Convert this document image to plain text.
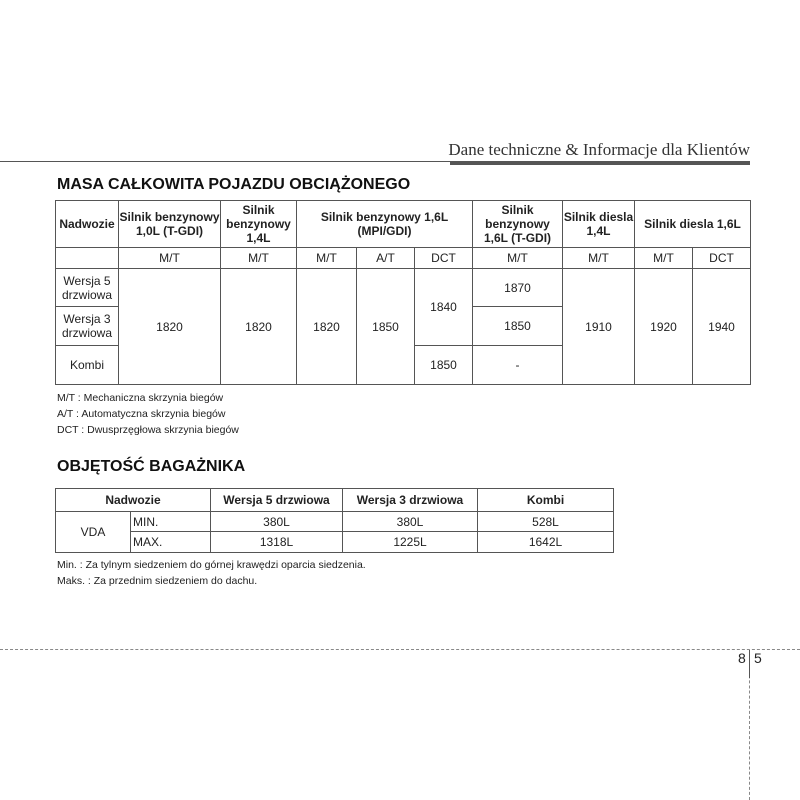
Dane techniczne & Informacje dla Klientów
MASA CAŁKOWITA POJAZDU OBCIĄŻONEGO
Nadwozie	Silnik benzynowy 1,0L (T-GDI)	Silnik benzynowy 1,4L	Silnik benzynowy 1,6L (MPI/GDI)			Silnik benzynowy 1,6L (T-GDI)	Silnik diesla 1,4L	Silnik diesla 1,6L	
	M/T	M/T	M/T	A/T	DCT	M/T	M/T	M/T	DCT
Wersja 5 drzwiowa	1820	1820	1820	1850	1840	1870	1910	1920	1940
Wersja 3 drzwiowa						1850			
Kombi					1850	-			
M/T : Mechaniczna skrzynia biegów
A/T : Automatyczna skrzynia biegów
DCT : Dwusprzęgłowa skrzynia biegów
OBJĘTOŚĆ BAGAŻNIKA
Nadwozie		Wersja 5 drzwiowa	Wersja 3 drzwiowa	Kombi
VDA	MIN.	380L	380L	528L
	MAX.	1318L	1225L	1642L
Min. : Za tylnym siedzeniem do górnej krawędzi oparcia siedzenia.
Maks. : Za przednim siedzeniem do dachu.
8 5
